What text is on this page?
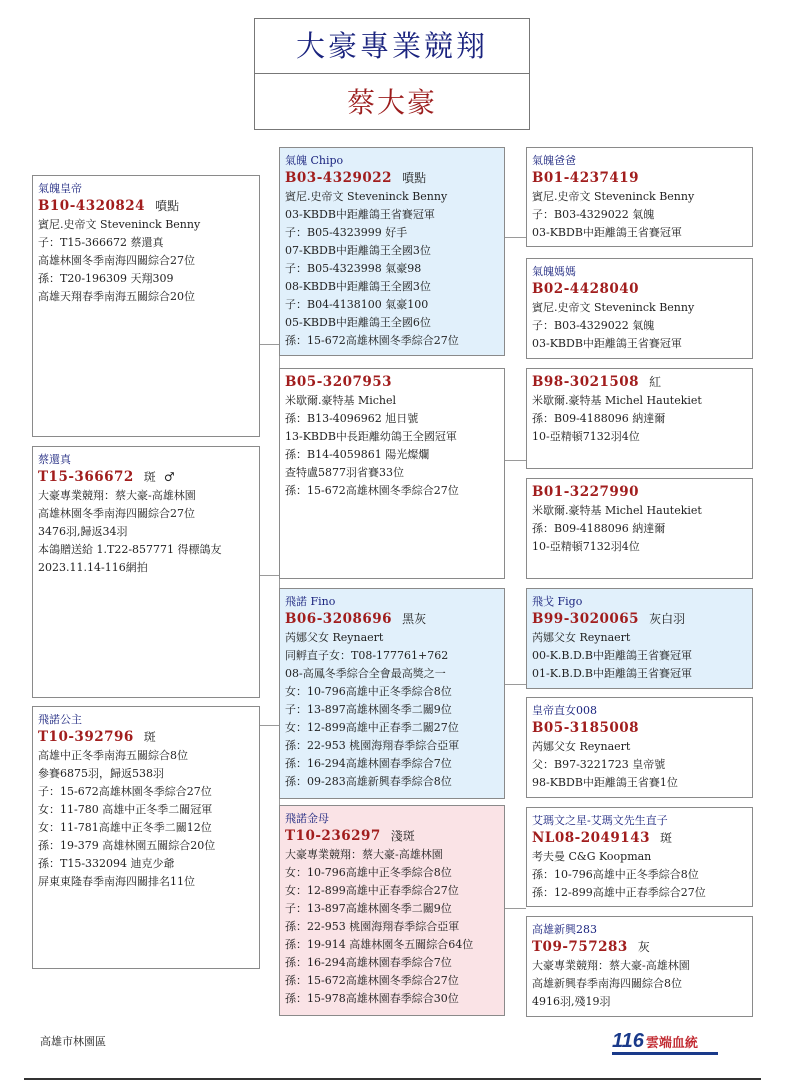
大豪專業競翔
蔡大豪
氣魄皇帝
B10-4320824 噴點
賓尼.史帝文 Steveninck Benny
子：T15-366672 蔡還真
高雄林園冬季南海四關綜合27位
孫：T20-196309 天翔309
高雄天翔春季南海五關綜合20位
蔡還真
T15-366672 斑 ♂
大豪專業競翔：蔡大豪-高雄林園
高雄林園冬季南海四關綜合27位
3476羽,歸返34羽
本鴿贈送給 1.T22-857771 得標鴿友
2023.11.14-116網拍
飛諾公主
T10-392796 斑
高雄中正冬季南海五關綜合8位
參賽6875羽，歸返538羽
子：15-672高雄林園冬季綜合27位
女：11-780 高雄中正冬季二關冠軍
女：11-781高雄中正冬季二關12位
孫：19-379 高雄林園五關綜合20位
孫：T15-332094 迪克少爺
屏東東隆春季南海四關排名11位
氣魄 Chipo
B03-4329022 噴點
賓尼.史帝文 Steveninck Benny
03-KBDB中距離鴿王省賽冠軍
子：B05-4323999 好手
07-KBDB中距離鴿王全國3位
子：B05-4323998 氣豪98
08-KBDB中距離鴿王全國3位
子：B04-4138100 氣豪100
05-KBDB中距離鴿王全國6位
孫：15-672高雄林園冬季綜合27位
B05-3207953
米歇爾.豪特基 Michel
孫：B13-4096962 旭日號
13-KBDB中長距離幼鴿王全國冠軍
孫：B14-4059861 陽光燦爛
查特盧5877羽省賽33位
孫：15-672高雄林園冬季綜合27位
飛諾 Fino
B06-3208696 黑灰
芮娜父女 Reynaert
同孵直子女：T08-177761+762
08-高鳳冬季綜合全會最高獎之一
女：10-796高雄中正冬季綜合8位
子：13-897高雄林園冬季二關9位
女：12-899高雄中正春季二關27位
孫：22-953 桃園海翔春季綜合亞軍
孫：16-294高雄林園春季綜合7位
孫：09-283高雄新興春季綜合8位
飛諾金母
T10-236297 淺斑
大豪專業競翔：蔡大豪-高雄林園
女：10-796高雄中正冬季綜合8位
女：12-899高雄中正春季綜合27位
子：13-897高雄林園冬季二關9位
孫：22-953 桃園海翔春季綜合亞軍
孫：19-914 高雄林園冬五關綜合64位
孫：16-294高雄林園春季綜合7位
孫：15-672高雄林園冬季綜合27位
孫：15-978高雄林園春季綜合30位
氣魄爸爸
B01-4237419
賓尼.史帝文 Steveninck Benny
子：B03-4329022 氣魄
03-KBDB中距離鴿王省賽冠軍
氣魄媽媽
B02-4428040
賓尼.史帝文 Steveninck Benny
子：B03-4329022 氣魄
03-KBDB中距離鴿王省賽冠軍
B98-3021508 紅
米歇爾.豪特基 Michel Hautekiet
孫：B09-4188096 納達爾
10-亞精頓7132羽4位
B01-3227990
米歇爾.豪特基 Michel Hautekiet
孫：B09-4188096 納達爾
10-亞精頓7132羽4位
飛戈 Figo
B99-3020065 灰白羽
芮娜父女 Reynaert
00-K.B.D.B中距離鴿王省賽冠軍
01-K.B.D.B中距離鴿王省賽冠軍
皇帝直女008
B05-3185008
芮娜父女 Reynaert
父：B97-3221723 皇帝號
98-KBDB中距離鴿王省賽1位
艾瑪文之星-艾瑪文先生直子
NL08-2049143 斑
考夫曼 C&G Koopman
孫：10-796高雄中正冬季綜合8位
孫：12-899高雄中正春季綜合27位
高雄新興283
T09-757283 灰
大豪專業競翔：蔡大豪-高雄林園
高雄新興春季南海四關綜合8位
4916羽,殘19羽
高雄市林園區	116 雲端血統
